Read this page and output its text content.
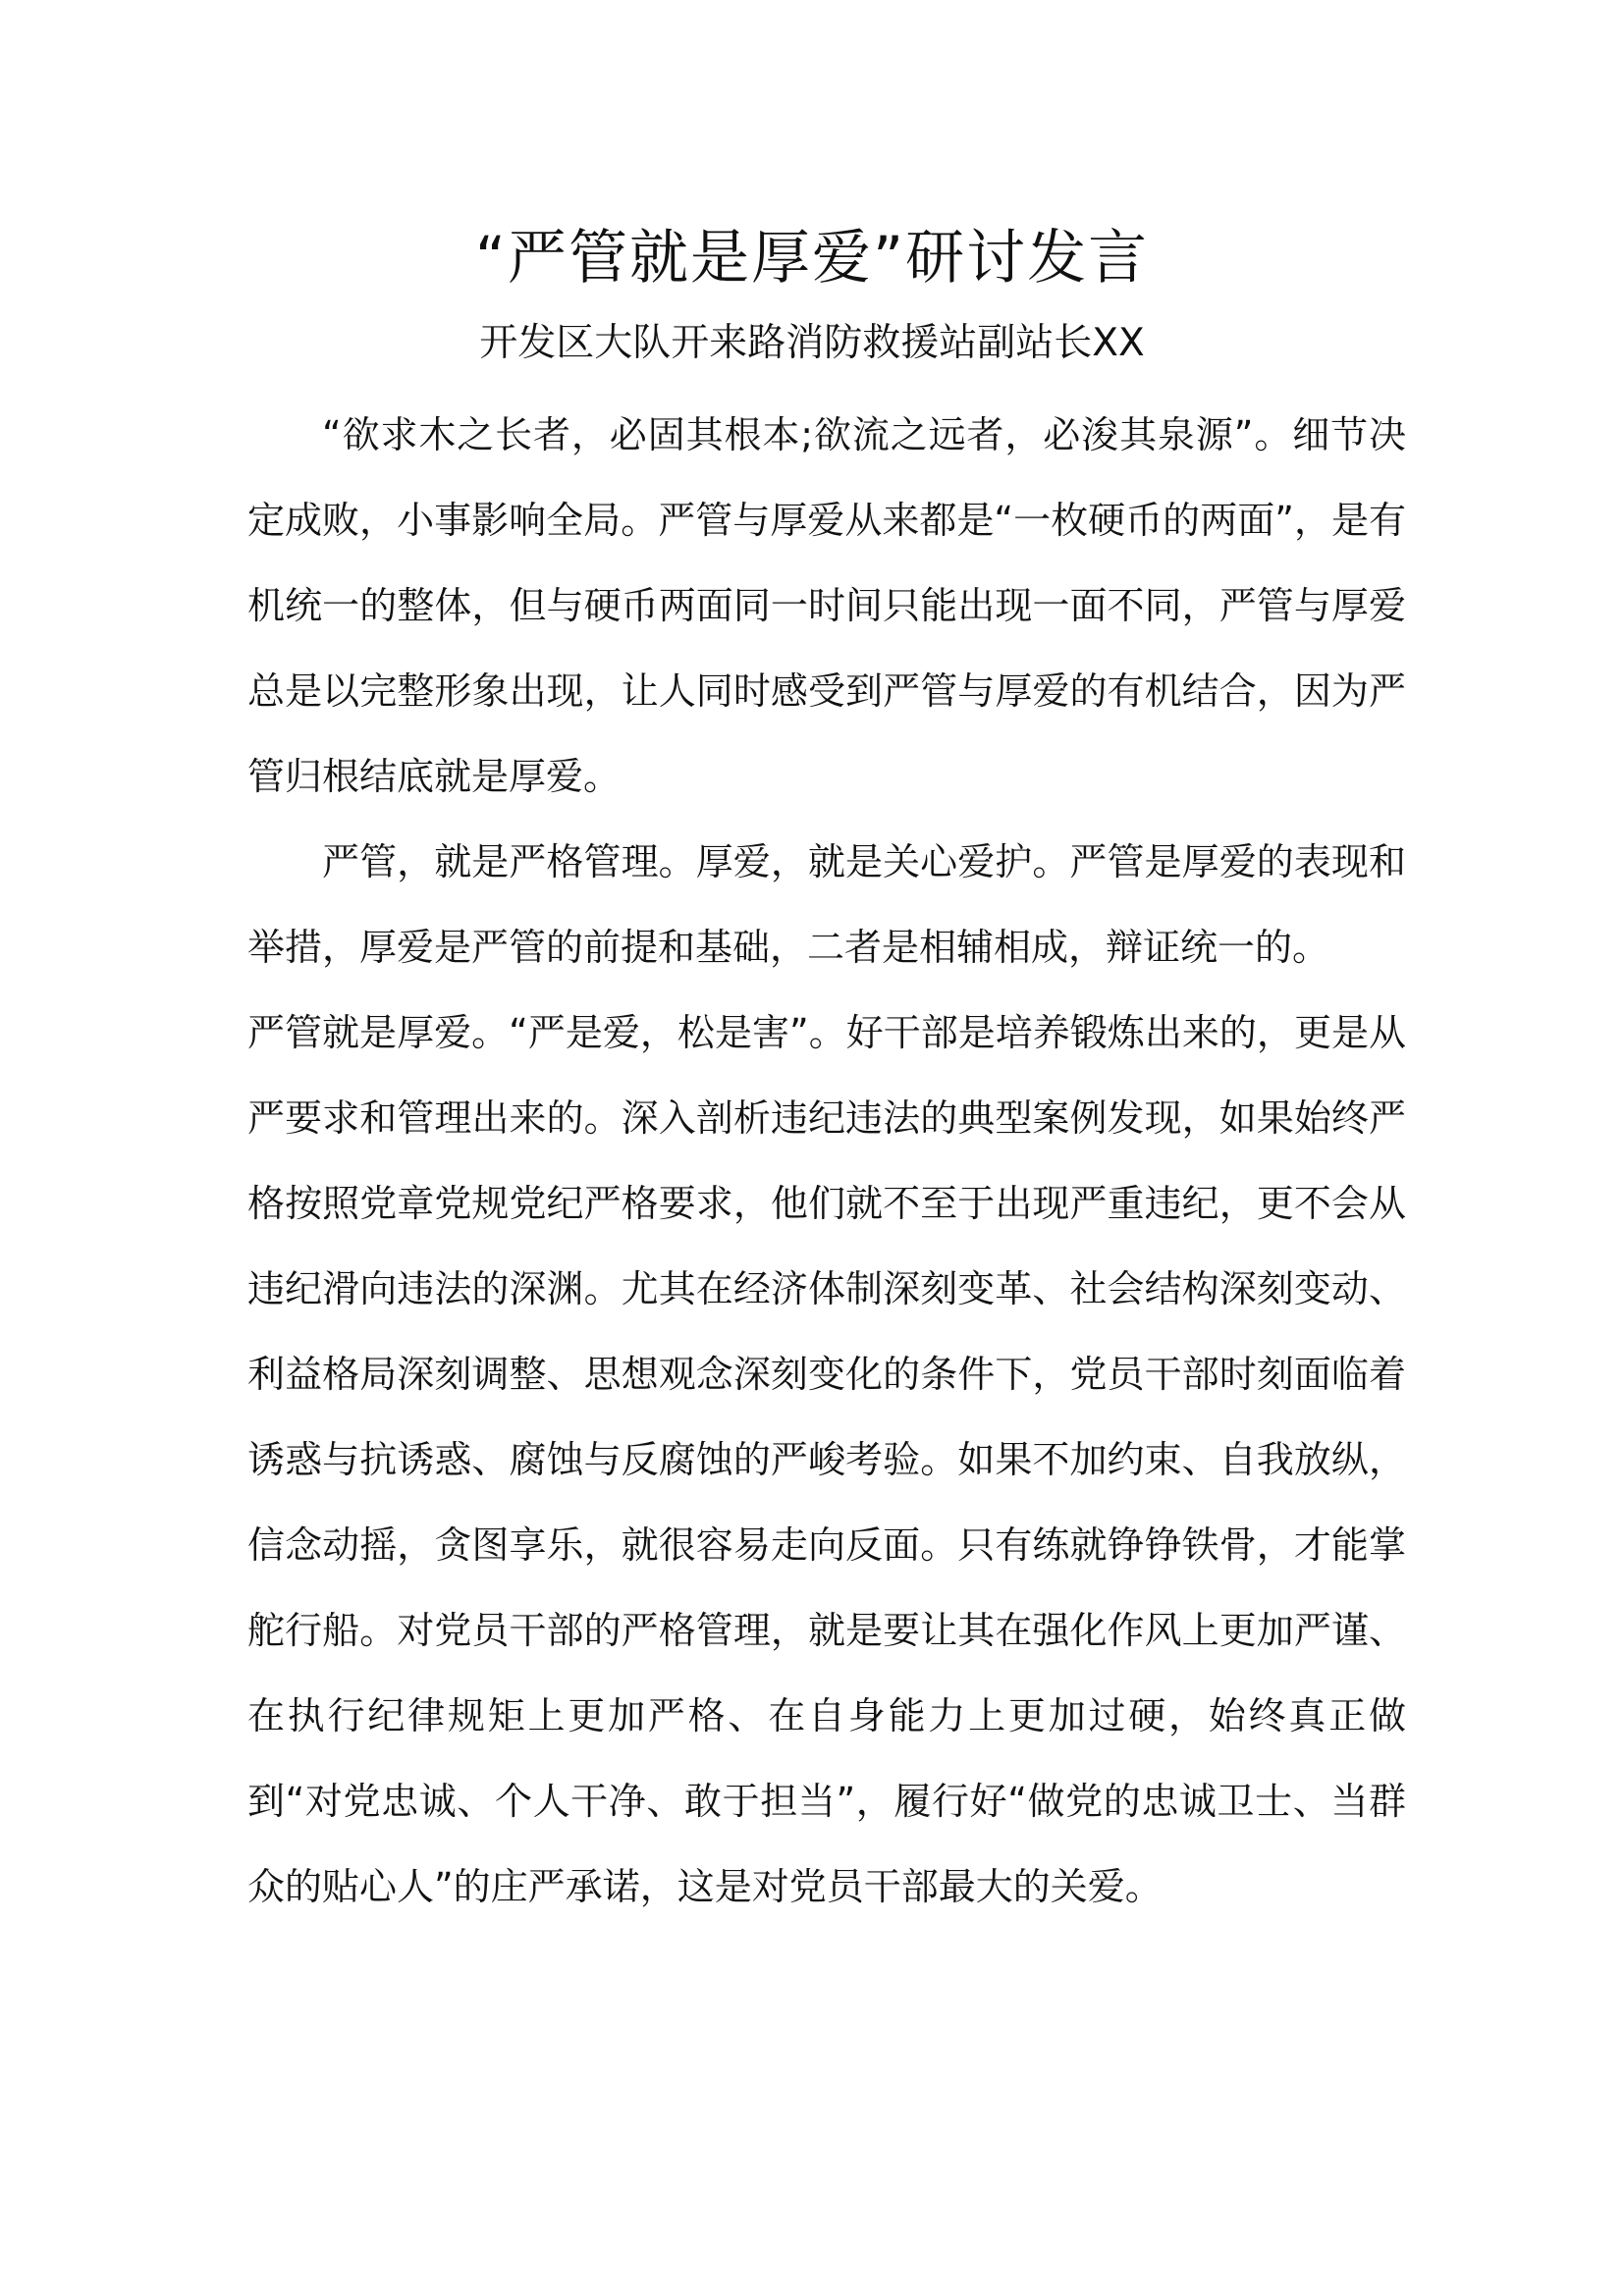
“严管就是厚爱”研讨发言
开发区大队开来路消防救援站副站长XX

“欲求木之长者，必固其根本;欲流之远者，必浚其泉源”。细节决定成败，小事影响全局。严管与厚爱从来都是“一枚硬币的两面”，是有机统一的整体，但与硬币两面同一时间只能出现一面不同，严管与厚爱总是以完整形象出现，让人同时感受到严管与厚爱的有机结合，因为严管归根结底就是厚爱。

严管，就是严格管理。厚爱，就是关心爱护。严管是厚爱的表现和举措，厚爱是严管的前提和基础，二者是相辅相成，辩证统一的。

严管就是厚爱。“严是爱，松是害”。好干部是培养锻炼出来的，更是从严要求和管理出来的。深入剖析违纪违法的典型案例发现，如果始终严格按照党章党规党纪严格要求，他们就不至于出现严重违纪，更不会从违纪滑向违法的深渊。尤其在经济体制深刻变革、社会结构深刻变动、利益格局深刻调整、思想观念深刻变化的条件下，党员干部时刻面临着诱惑与抗诱惑、腐蚀与反腐蚀的严峻考验。如果不加约束、自我放纵，信念动摇，贪图享乐，就很容易走向反面。只有练就铮铮铁骨，才能掌舵行船。对党员干部的严格管理，就是要让其在强化作风上更加严谨、在执行纪律规矩上更加严格、在自身能力上更加过硬，始终真正做到“对党忠诚、个人干净、敢于担当”，履行好“做党的忠诚卫士、当群众的贴心人”的庄严承诺，这是对党员干部最大的关爱。
